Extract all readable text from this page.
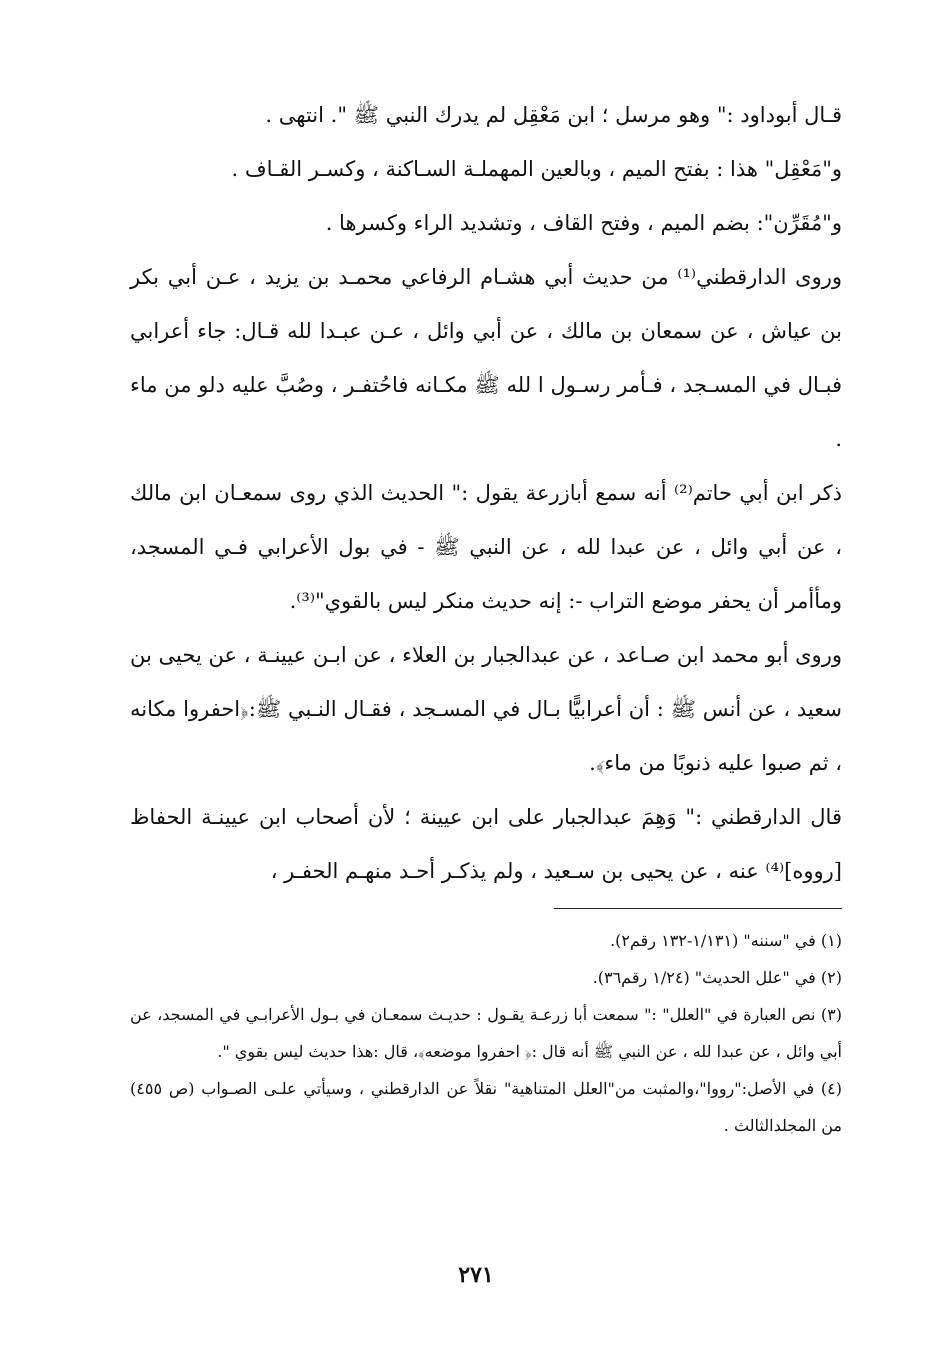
قـال أبوداود :" وهو مرسل ؛ ابن مَعْقِل لم يدرك النبي ﷺ ". انتهى .

و"مَعْقِل" هذا : بفتح الميم ، وبالعين المهملـة السـاكنة ، وكسـر القـاف .

و"مُقَرِّن": بضم الميم ، وفتح القاف ، وتشديد الراء وكسرها .

وروى الدارقطني⁽¹⁾ من حديث أبي هشـام الرفاعي محمـد بن يزيد ، عـن أبي بكر بن عياش ، عن سمعان بن مالك ، عن أبي وائل ، عـن عبـدا لله قـال: جاء أعرابي فبـال في المسـجد ، فـأمر رسـول ا لله ﷺ مكـانه فاحُتفـر ، وصُبَّ عليه دلو من ماء .

ذكر ابن أبي حاتم⁽²⁾ أنه سمع أبازرعة يقول :" الحديث الذي روى سمعـان ابن مالك ، عن أبي وائل ، عن عبدا لله ، عن النبي ﷺ - في بول الأعرابي فـي المسجد، ومأأمر أن يحفر موضع التراب -: إنه حديث منكر ليس بالقوي"⁽³⁾.

وروى أبو محمد ابن صـاعد ، عن عبدالجبار بن العلاء ، عن ابـن عيينـة ، عن يحيى بن سعيد ، عن أنس ﷺ : أن أعرابيًّا بـال في المسـجد ، فقـال النـبي ﷺ:﴿احفروا مكانه ، ثم صبوا عليه ذنوبًا من ماء﴾.

قال الدارقطني :" وَهِمَ عبدالجبار على ابن عيينة ؛ لأن أصحاب ابن عيينـة الحفاظ [رووه]⁽⁴⁾ عنه ، عن يحيى بن سـعيد ، ولم يذكـر أحـد منهـم الحفـر ،

(١) في "سننه" (١/١٣١-١٣٢ رقم٢).

(٢) في "علل الحديث" (١/٢٤ رقم٣٦).

(٣) نص العبارة في "العلل" :" سمعت أبا زرعـة يقـول : حديـث سمعـان في بـول الأعرابـي في المسجد، عن أبي وائل ، عن عبدا لله ، عن النبي ﷺ أنه قال :﴿ احفروا موضعه﴾، قال :هذا حديث ليس بقوي ".

(٤) في الأصل:"رووا"،والمثبت من"العلل المتناهية" نقلاً عن الدارقطني ، وسيأتي علـى الصـواب (ص ٤٥٥) من المجلدالثالث .

٢٧١
